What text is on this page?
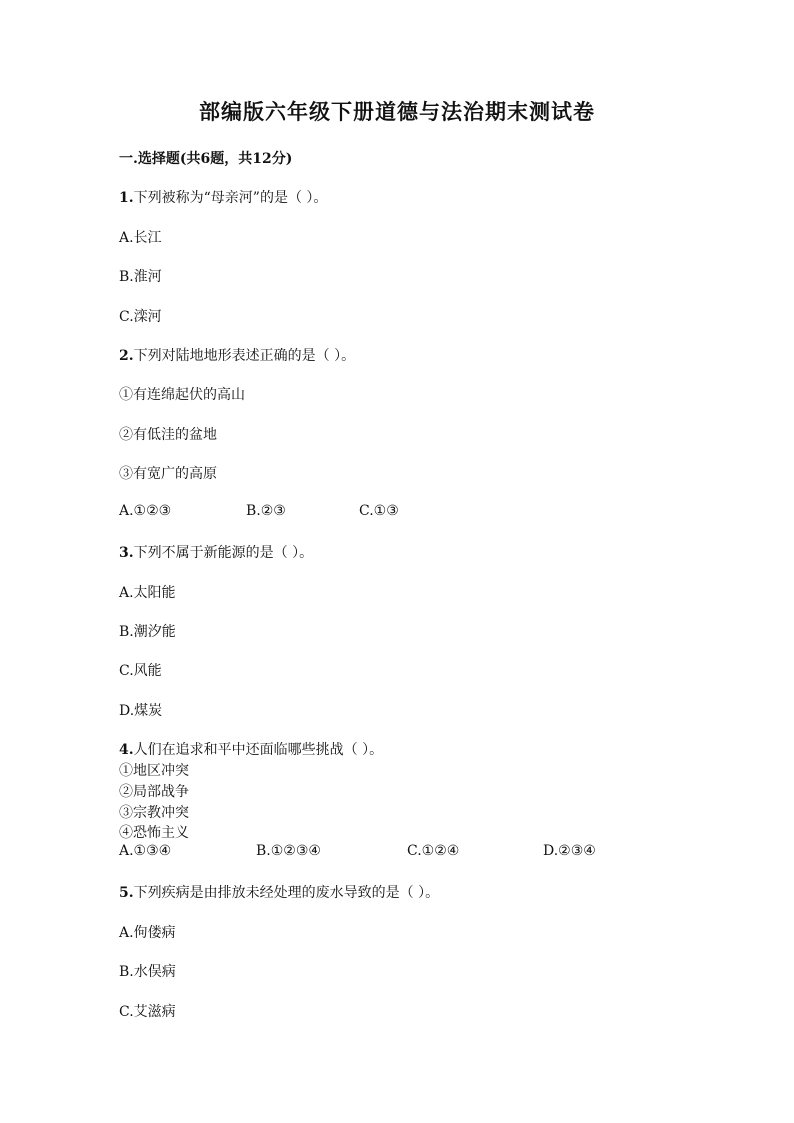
部编版六年级下册道德与法治期末测试卷
一.选择题(共6题，共12分)
1.下列被称为“母亲河”的是（ ）。
A.长江
B.淮河
C.滦河
2.下列对陆地地形表述正确的是（ ）。
①有连绵起伏的高山
②有低洼的盆地
③有宽广的高原
A.①②③	B.②③	C.①③
3.下列不属于新能源的是（ ）。
A.太阳能
B.潮汐能
C.风能
D.煤炭
4.人们在追求和平中还面临哪些挑战（ ）。
①地区冲突
②局部战争
③宗教冲突
④恐怖主义
A.①③④	B.①②③④	C.①②④	D.②③④
5.下列疾病是由排放未经处理的废水导致的是（ ）。
A.佝偻病
B.水俣病
C.艾滋病
